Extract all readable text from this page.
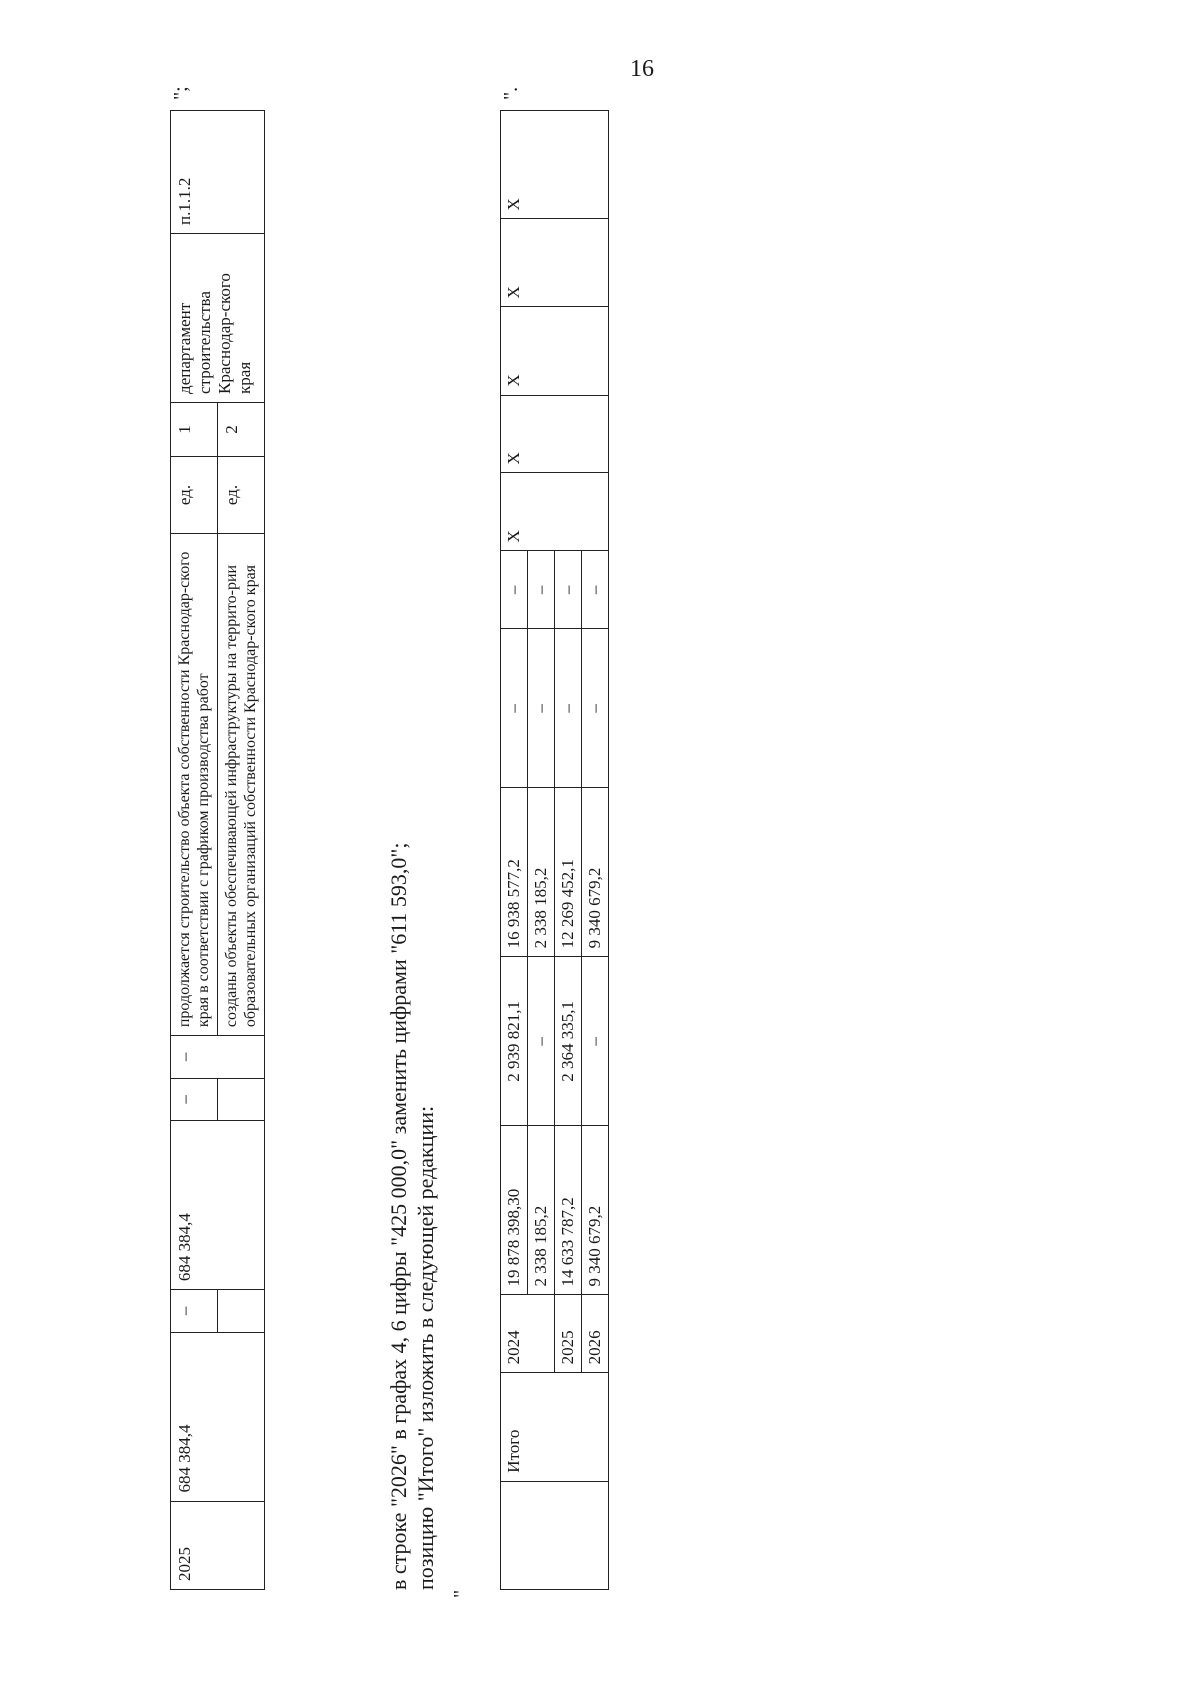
16
2025	684 384,4	–	684 384,4	–	–	продолжается строительство объекта собственности Краснодар-ского края в соответствии с графиком производства работ	ед.	1	департамент строительства Краснодар-ского края	п.1.1.2
						созданы объекты обеспечивающей инфраструктуры на террито-рии образовательных организаций собственности Краснодар-ского края	ед.	2		
";
в строке "2026" в графах 4, 6 цифры "425 000,0" заменить цифрами "611 593,0"; позицию "Итого" изложить в следующей редакции:
"
	Итого	2024	19 878 398,30	2 939 821,1	16 938 577,2	–	–	Х	Х	Х	Х	Х
			2 338 185,2	–	2 338 185,2	–	–					
		2025	14 633 787,2	2 364 335,1	12 269 452,1	–	–					
		2026	9 340 679,2	–	9 340 679,2	–	–					
".
